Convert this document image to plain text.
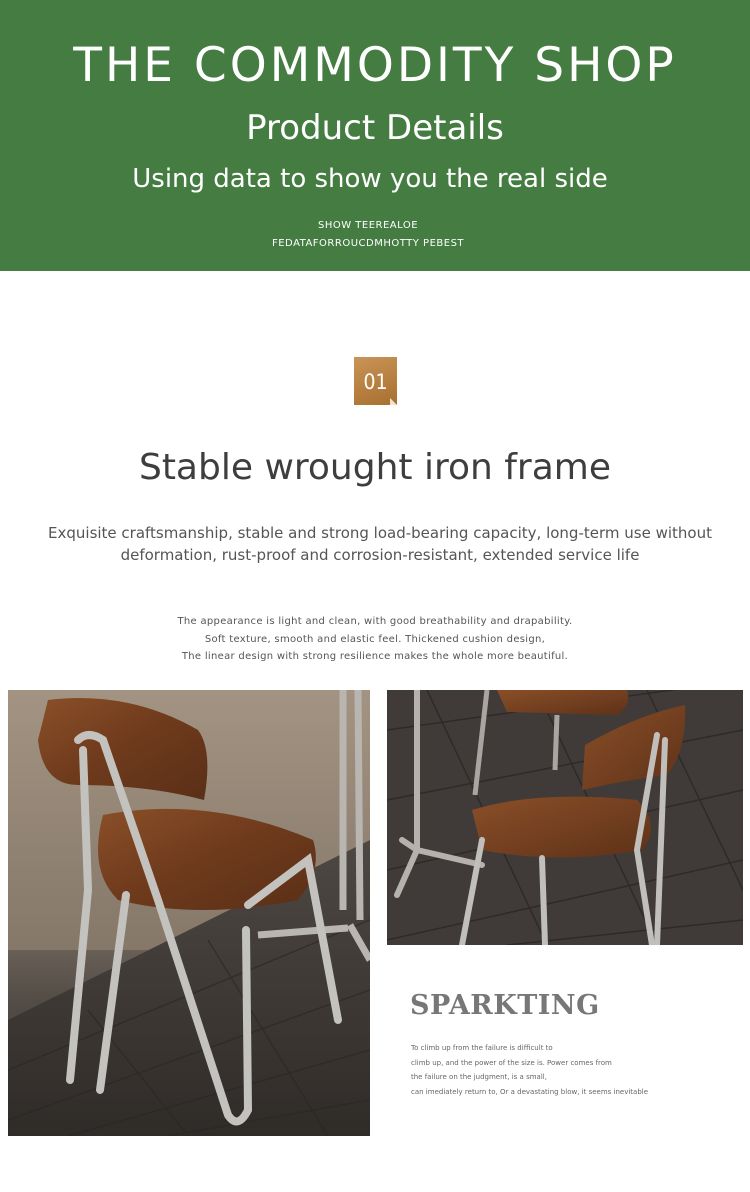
THE COMMODITY SHOP
Product Details
Using data to show you the real side
SHOW TEEREALOE
FEDATAFORROUCDMHOTTY PEBEST
01
Stable wrought iron frame
Exquisite craftsmanship, stable and strong load-bearing capacity, long-term use without deformation, rust-proof and corrosion-resistant, extended service life
The appearance is light and clean, with good breathability and drapability.
Soft texture, smooth and elastic feel. Thickened cushion design,
The linear design with strong resilience makes the whole more beautiful.
SPARKTING
To climb up from the failure is difficult to
climb up, and the power of the size is. Power comes from
the failure on the judgment, is a small,
can imediately return to, Or a devastating blow, it seems inevitable
